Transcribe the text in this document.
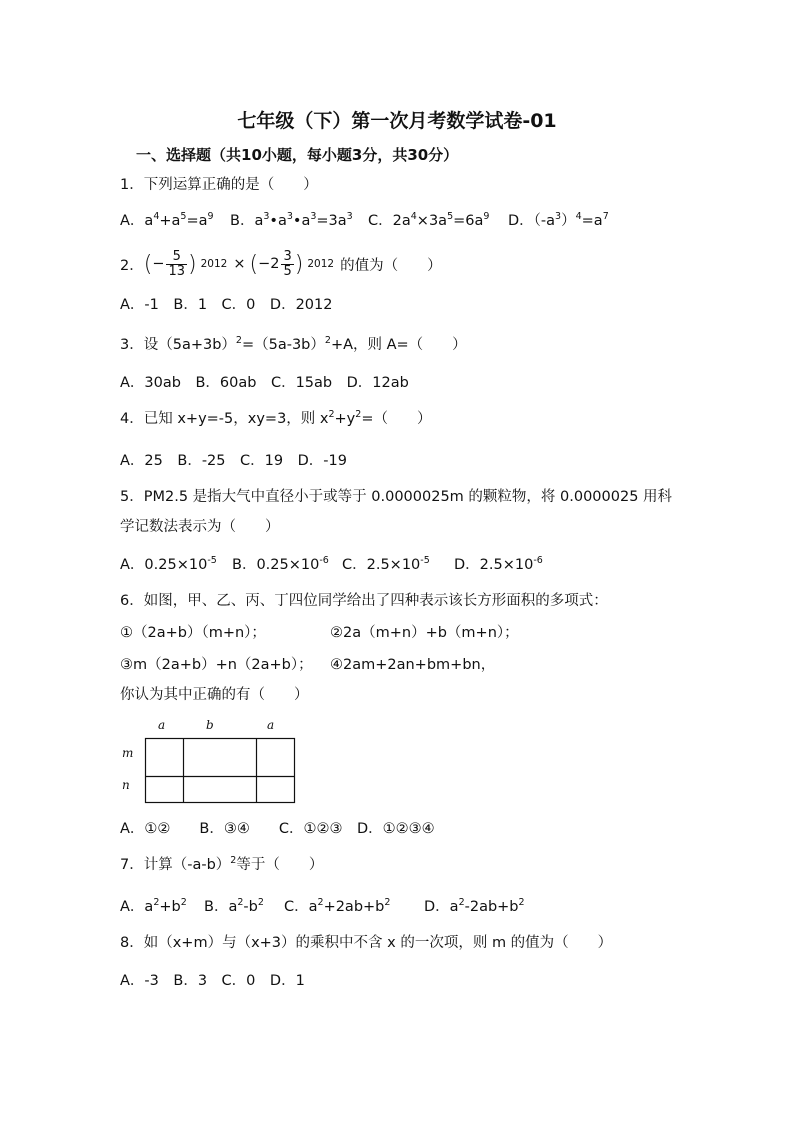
七年级（下）第一次月考数学试卷-01
一、选择题（共10小题，每小题3分，共30分）
1．下列运算正确的是（　　）
A．$a^4+a^5=a^9$ B．$a^3•a^3•a^3=3a^3$ C．$2a^4\times 3a^5=6a^9$ D．$(-a^3)^4=a^7$
2． ( − $\frac{5}{13}$ ) 2012 × ( $-2 \frac{3}{5}$ ) 2012 的值为（　　）
A．-1　B．1　C．0　D．2012
3．设$(5a+3b)^2=(5a-3b)^2+A$，则 A=（　　）
A．30ab　B．60ab　C．15ab　D．12ab
4．已知 x+y=-5，xy=3，则 $x^2+y^2=$（　　）
A．25　B．-25　C．19　D．-19
5．PM2.5 是指大气中直径小于或等于 0.0000025m 的颗粒物，将 0.0000025 用科
学记数法表示为（　　）
A．$0.25\times 10^{-5}$ B．$0.25\times 10^{-6}$ C．$2.5\times 10^{-5}$ D．$2.5\times 10^{-6}$
6．如图，甲、乙、丙、丁四位同学给出了四种表示该长方形面积的多项式：
①（2a+b）（m+n）；	②2a（m+n）+b（m+n）；
③m（2a+b）+n（2a+b）； ④2am+2an+bm+bn，
你认为其中正确的有（　　）
a	b	a
m
n
A．①②　　B．③④　　C．①②③　D．①②③④
7．计算$(-a-b)^2$等于（　　）
A．$a^2+b^2$ B．$a^2-b^2$ C．$a^2+2ab+b^2$ D．$a^2-2ab+b^2$
8．如（x+m）与（x+3）的乘积中不含 x 的一次项，则 m 的值为（　　）
A．-3　B．3　C．0　D．1
